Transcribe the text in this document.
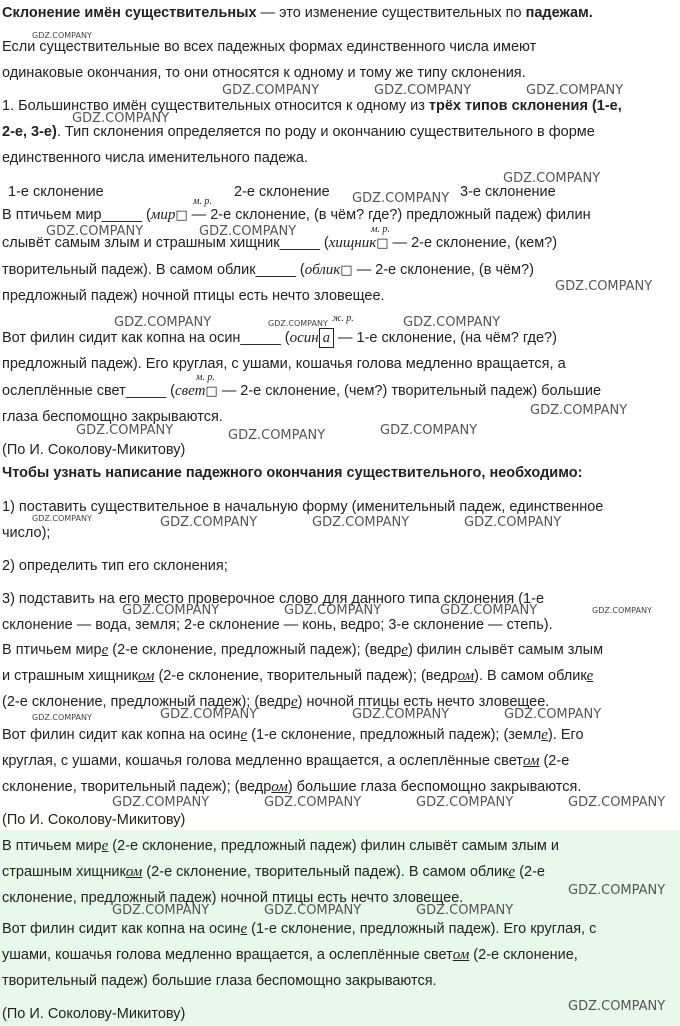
Склонение имён существительных — это изменение существительных по падежам.
Если существительные во всех падежных формах единственного числа имеют
одинаковые окончания, то они относятся к одному и тому же типу склонения.
1. Большинство имён существительных относится к одному из трёх типов склонения (1-е,
2-е, 3-е). Тип склонения определяется по роду и окончанию существительного в форме
единственного числа именительного падежа.
1-е склонение	2-е склонение	3-е склонение
м. р.
В птичьем мир_____ (мир□ — 2-е склонение, (в чём? где?) предложный падеж) филин
м. р.
слывёт самым злым и страшным хищник_____ (хищник□ — 2-е склонение, (кем?)
творительный падеж). В самом облик_____ (облик□ — 2-е склонение, (в чём?)
предложный падеж) ночной птицы есть нечто зловещее.
ж. р.
Вот филин сидит как копна на осин_____ (осин а — 1-е склонение, (на чём? где?)
предложный падеж). Его круглая, с ушами, кошачья голова медленно вращается, а
м. р.
ослеплённые свет_____ (свет□ — 2-е склонение, (чем?) творительный падеж) большие
глаза беспомощно закрываются.
(По И. Соколову-Микитову)
Чтобы узнать написание падежного окончания существительного, необходимо:
1) поставить существительное в начальную форму (именительный падеж, единственное
число);
2) определить тип его склонения;
3) подставить на его место проверочное слово для данного типа склонения (1-е
склонение — вода, земля; 2-е склонение — конь, ведро; 3-е склонение — степь).
В птичьем мире (2-е склонение, предложный падеж); (ведре) филин слывёт самым злым
и страшным хищником (2-е склонение, творительный падеж); (ведром). В самом облике
(2-е склонение, предложный падеж); (ведре) ночной птицы есть нечто зловещее.
Вот филин сидит как копна на осине (1-е склонение, предложный падеж); (земле). Его
круглая, с ушами, кошачья голова медленно вращается, а ослеплённые светом (2-е
склонение, творительный падеж); (ведром) большие глаза беспомощно закрываются.
(По И. Соколову-Микитову)
В птичьем мире (2-е склонение, предложный падеж) филин слывёт самым злым и
страшным хищником (2-е склонение, творительный падеж). В самом облике (2-е
склонение, предложный падеж) ночной птицы есть нечто зловещее.
Вот филин сидит как копна на осине (1-е склонение, предложный падеж). Его круглая, с
ушами, кошачья голова медленно вращается, а ослеплённые светом (2-е склонение,
творительный падеж) большие глаза беспомощно закрываются.
(По И. Соколову-Микитову)
GDZ.COMPANY
GDZ.COMPANY	GDZ.COMPANY	GDZ.COMPANY
GDZ.COMPANY
GDZ.COMPANY
GDZ.COMPANY
GDZ.COMPANY	GDZ.COMPANY
GDZ.COMPANY
GDZ.COMPANY	GDZ.COMPANY	GDZ.COMPANY
GDZ.COMPANY
GDZ.COMPANY	GDZ.COMPANY	GDZ.COMPANY
GDZ.COMPANY	GDZ.COMPANY	GDZ.COMPANY	GDZ.COMPANY
GDZ.COMPANY	GDZ.COMPANY	GDZ.COMPANY	GDZ.COMPANY
GDZ.COMPANY	GDZ.COMPANY	GDZ.COMPANY	GDZ.COMPANY
GDZ.COMPANY	GDZ.COMPANY	GDZ.COMPANY	GDZ.COMPANY
GDZ.COMPANY
GDZ.COMPANY	GDZ.COMPANY	GDZ.COMPANY
GDZ.COMPANY
